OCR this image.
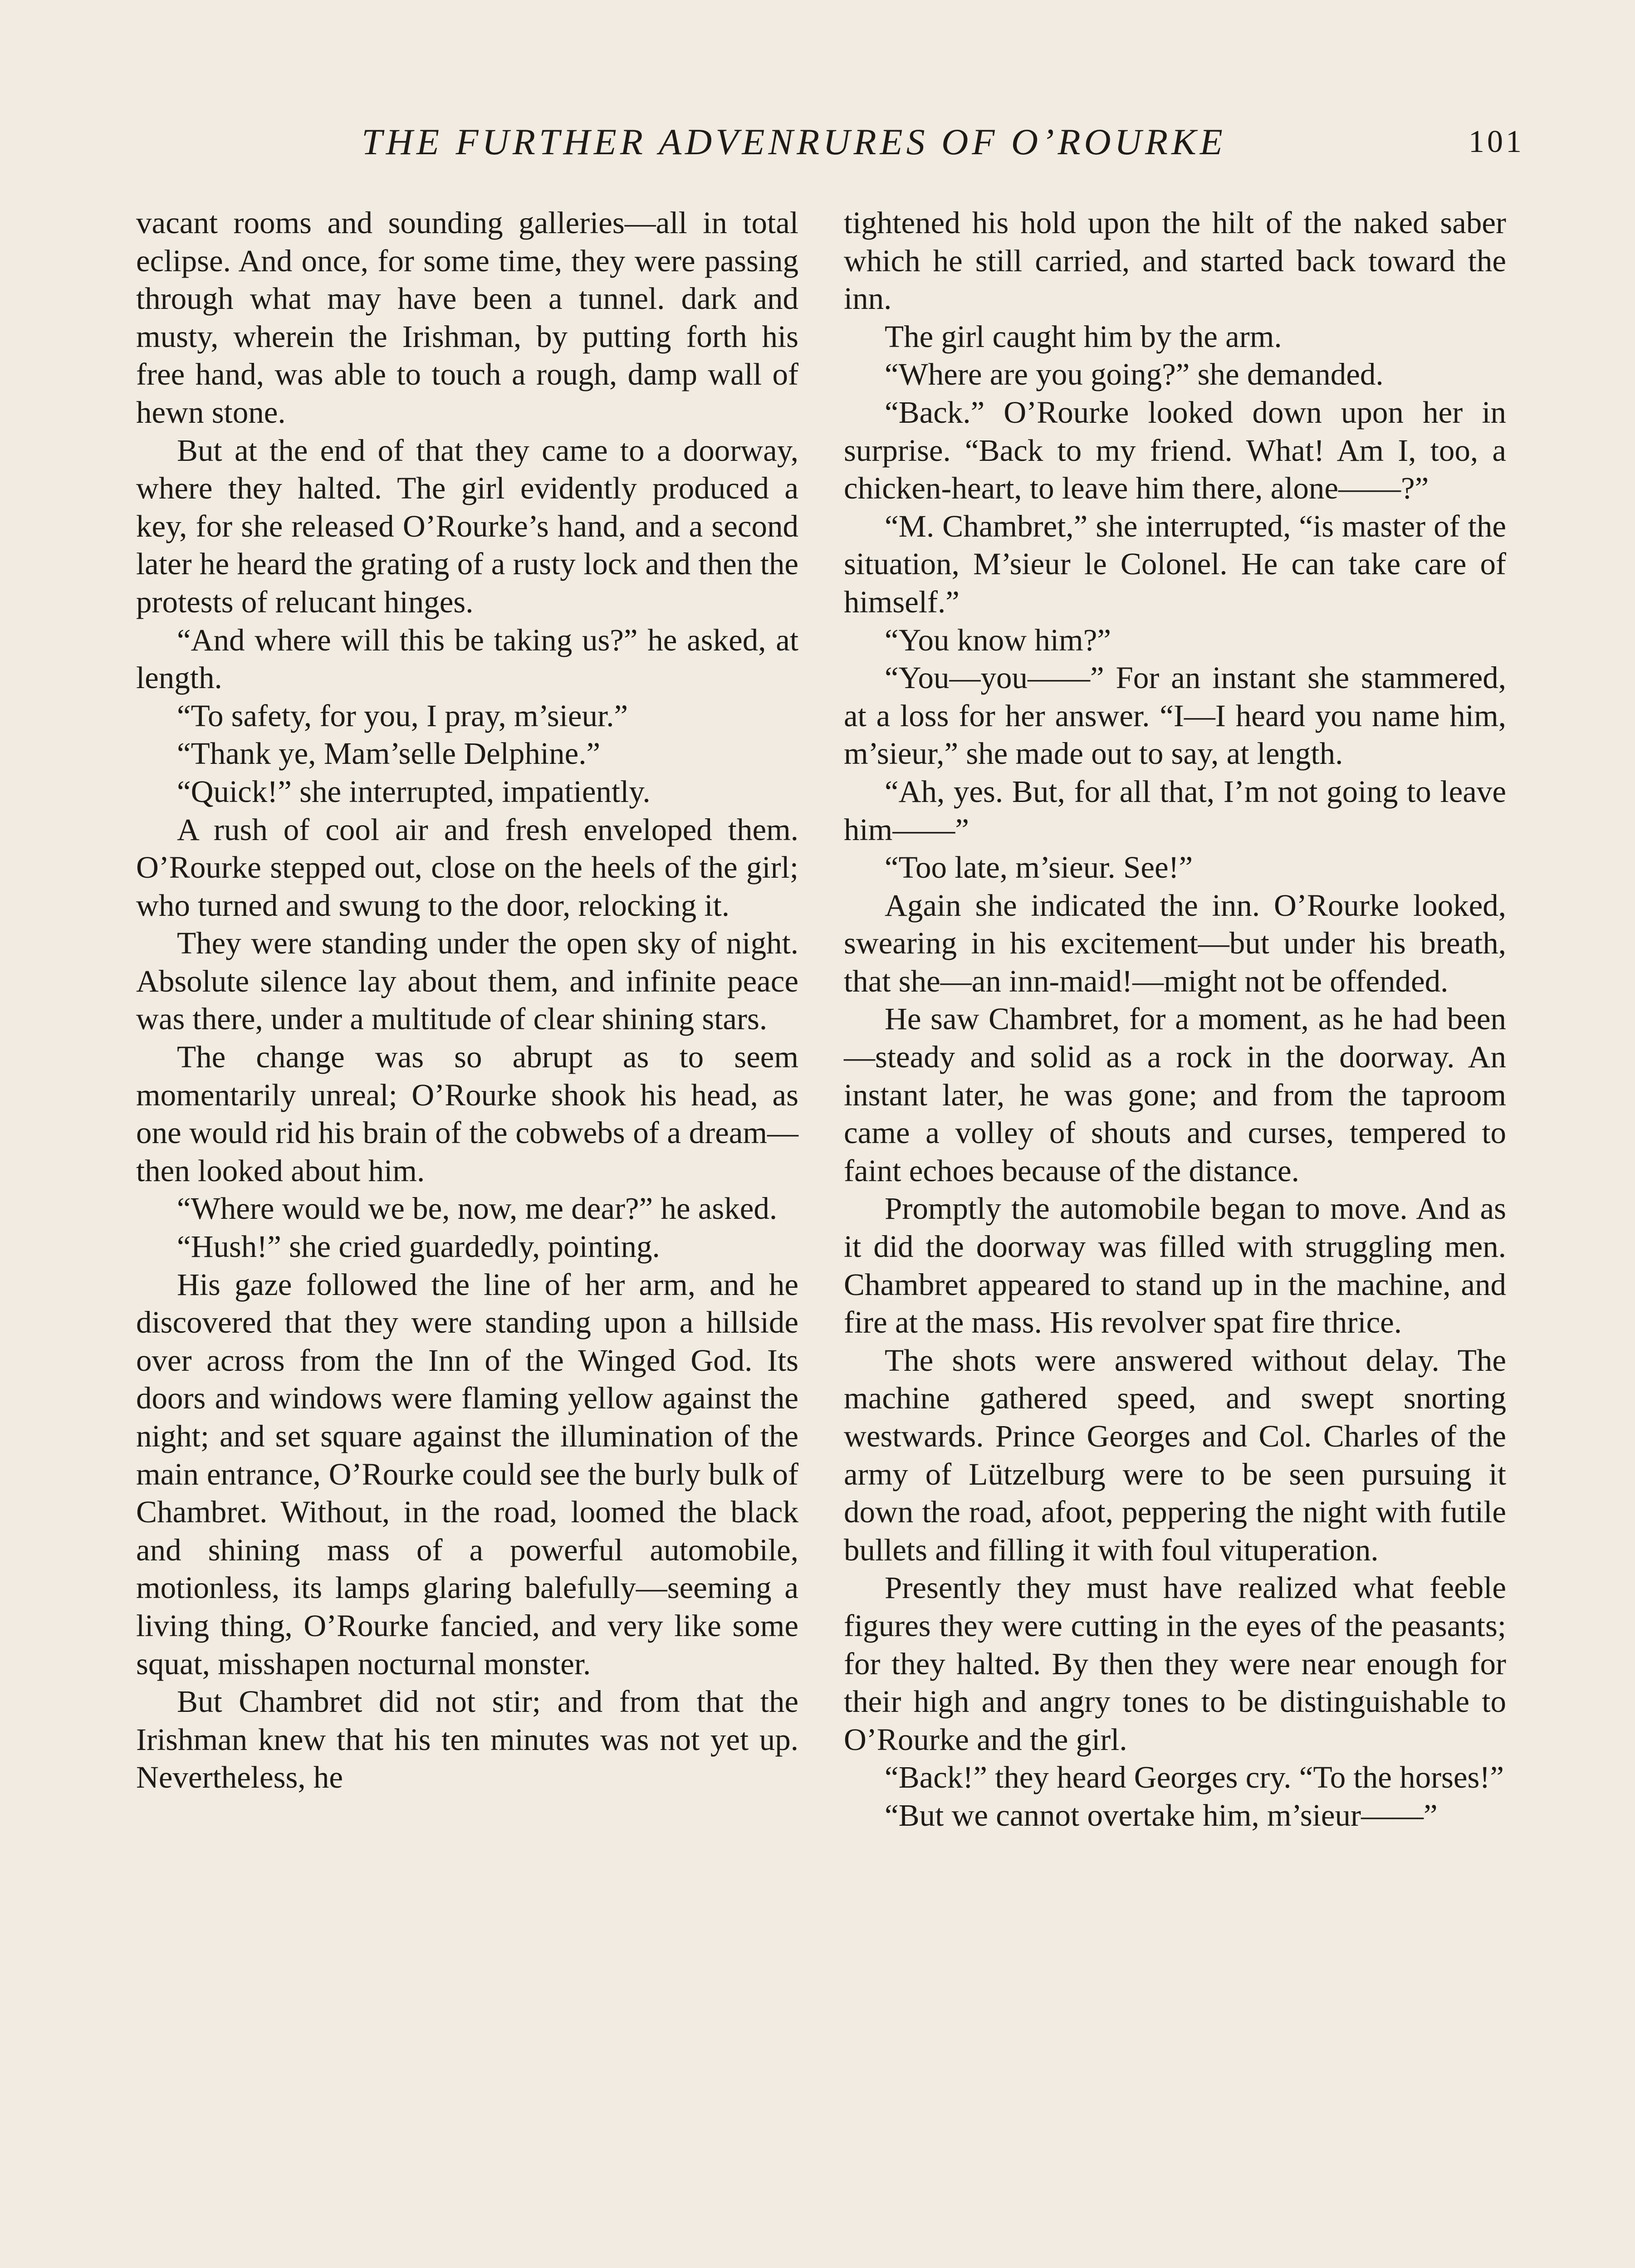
THE FURTHER ADVENRURES OF O’ROURKE	101

vacant rooms and sounding galleries—all in total eclipse. And once, for some time, they were passing through what may have been a tunnel. dark and musty, wherein the Irishman, by putting forth his free hand, was able to touch a rough, damp wall of hewn stone.

But at the end of that they came to a doorway, where they halted. The girl evidently produced a key, for she released O’Rourke’s hand, and a second later he heard the grating of a rusty lock and then the protests of relucant hinges.

“And where will this be taking us?” he asked, at length.

“To safety, for you, I pray, m’sieur.”

“Thank ye, Mam’selle Delphine.”

“Quick!” she interrupted, impatiently.

A rush of cool air and fresh enveloped them. O’Rourke stepped out, close on the heels of the girl; who turned and swung to the door, relocking it.

They were standing under the open sky of night. Absolute silence lay about them, and infinite peace was there, under a multitude of clear shining stars.

The change was so abrupt as to seem momentarily unreal; O’Rourke shook his head, as one would rid his brain of the cobwebs of a dream—then looked about him.

“Where would we be, now, me dear?” he asked.

“Hush!” she cried guardedly, pointing.

His gaze followed the line of her arm, and he discovered that they were standing upon a hillside over across from the Inn of the Winged God. Its doors and windows were flaming yellow against the night; and set square against the illumination of the main entrance, O’Rourke could see the burly bulk of Chambret. Without, in the road, loomed the black and shining mass of a powerful automobile, motionless, its lamps glaring balefully—seeming a living thing, O’Rourke fancied, and very like some squat, misshapen nocturnal monster.

But Chambret did not stir; and from that the Irishman knew that his ten minutes was not yet up. Nevertheless, he

tightened his hold upon the hilt of the naked saber which he still carried, and started back toward the inn.

The girl caught him by the arm.

“Where are you going?” she demanded.

“Back.” O’Rourke looked down upon her in surprise. “Back to my friend. What! Am I, too, a chicken-heart, to leave him there, alone——?”

“M. Chambret,” she interrupted, “is master of the situation, M’sieur le Colonel. He can take care of himself.”

“You know him?”

“You—you——” For an instant she stammered, at a loss for her answer. “I—I heard you name him, m’sieur,” she made out to say, at length.

“Ah, yes. But, for all that, I’m not going to leave him——”

“Too late, m’sieur. See!”

Again she indicated the inn. O’Rourke looked, swearing in his excitement—but under his breath, that she—an inn-maid!—might not be offended.

He saw Chambret, for a moment, as he had been—steady and solid as a rock in the doorway. An instant later, he was gone; and from the taproom came a volley of shouts and curses, tempered to faint echoes because of the distance.

Promptly the automobile began to move. And as it did the doorway was filled with struggling men. Chambret appeared to stand up in the machine, and fire at the mass. His revolver spat fire thrice.

The shots were answered without delay. The machine gathered speed, and swept snorting westwards. Prince Georges and Col. Charles of the army of Lützelburg were to be seen pursuing it down the road, afoot, peppering the night with futile bullets and filling it with foul vituperation.

Presently they must have realized what feeble figures they were cutting in the eyes of the peasants; for they halted. By then they were near enough for their high and angry tones to be distinguishable to O’Rourke and the girl.

“Back!” they heard Georges cry. “To the horses!”

“But we cannot overtake him, m’sieur——”
